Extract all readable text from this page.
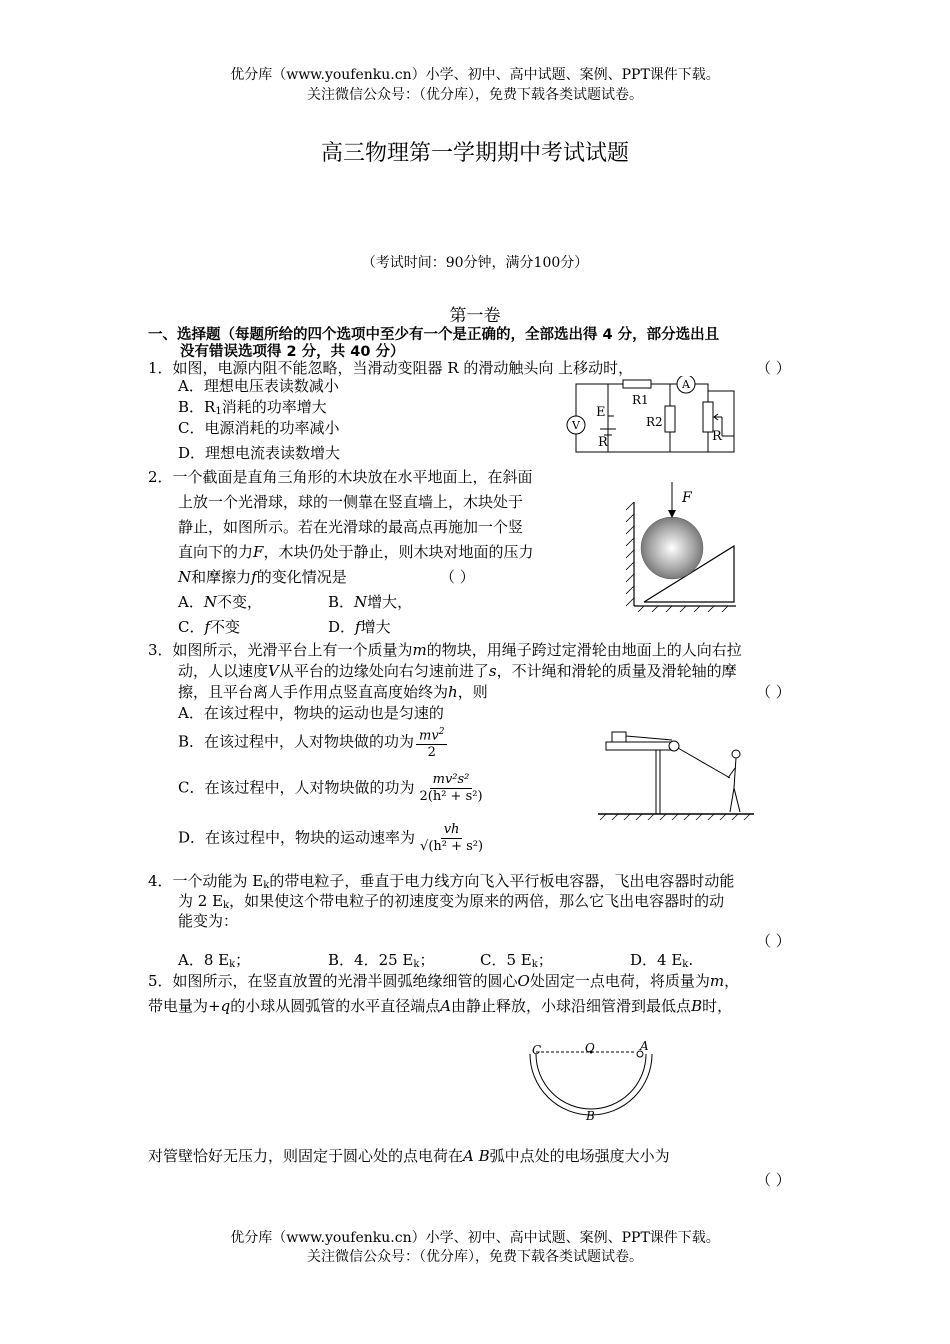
优分库（www.youfenku.cn）小学、初中、高中试题、案例、PPT课件下载。
关注微信公众号：（优分库），免费下载各类试题试卷。
高三物理第一学期期中考试试题
（考试时间：90分钟，满分100分）
第一卷
一、选择题（每题所给的四个选项中至少有一个是正确的，全部选出得 4 分，部分选出且
没有错误选项得 2 分，共 40 分）
1．如图，电源内阻不能忽略，当滑动变阻器 R 的滑动触头向 上移动时，	（ ）
A．理想电压表读数减小
B．$R_1$消耗的功率增大
C．电源消耗的功率减小
D．理想电流表读数增大
V
A
E
R
R1
R2
R
2．一个截面是直角三角形的木块放在水平地面上，在斜面
上放一个光滑球，球的一侧靠在竖直墙上，木块处于
静止，如图所示。若在光滑球的最高点再施加一个竖
直向下的力F，木块仍处于静止，则木块对地面的压力
N和摩擦力f的变化情况是	（ ）
A．N不变，	B．N增大，
C．f不变	D．f增大
F
3．如图所示，光滑平台上有一个质量为m的物块，用绳子跨过定滑轮由地面上的人向右拉
动，人以速度V从平台的边缘处向右匀速前进了s，不计绳和滑轮的质量及滑轮轴的摩
擦，且平台离人手作用点竖直高度始终为h，则	（ ）
A．在该过程中，物块的运动也是匀速的
B．在该过程中，人对物块做的功为 $\frac{mv^2}{2}$
C．在该过程中，人对物块做的功为 $\frac{\text{mv²s²}}{\text{2(h² + s²)}}$
D．在该过程中，物块的运动速率为 $\frac{vh}{\text{√(h² + s²)}}$
4．一个动能为 $E_k$的带电粒子，垂直于电力线方向飞入平行板电容器，飞出电容器时动能
为 2 $E_k$，如果使这个带电粒子的初速度变为原来的两倍，那么它飞出电容器时的动
能变为：
（ ）
A．8 $E_k$；	B．4．25 $E_k$；	C．5 $E_k$；	D．4 $E_k$.
5．如图所示，在竖直放置的光滑半圆弧绝缘细管的圆心O处固定一点电荷，将质量为m，
带电量为+q的小球从圆弧管的水平直径端点A由静止释放，小球沿细管滑到最低点B时，
C	O	A
B
对管壁恰好无压力，则固定于圆心处的点电荷在A B弧中点处的电场强度大小为
（ ）
优分库（www.youfenku.cn）小学、初中、高中试题、案例、PPT课件下载。
关注微信公众号：（优分库），免费下载各类试题试卷。
